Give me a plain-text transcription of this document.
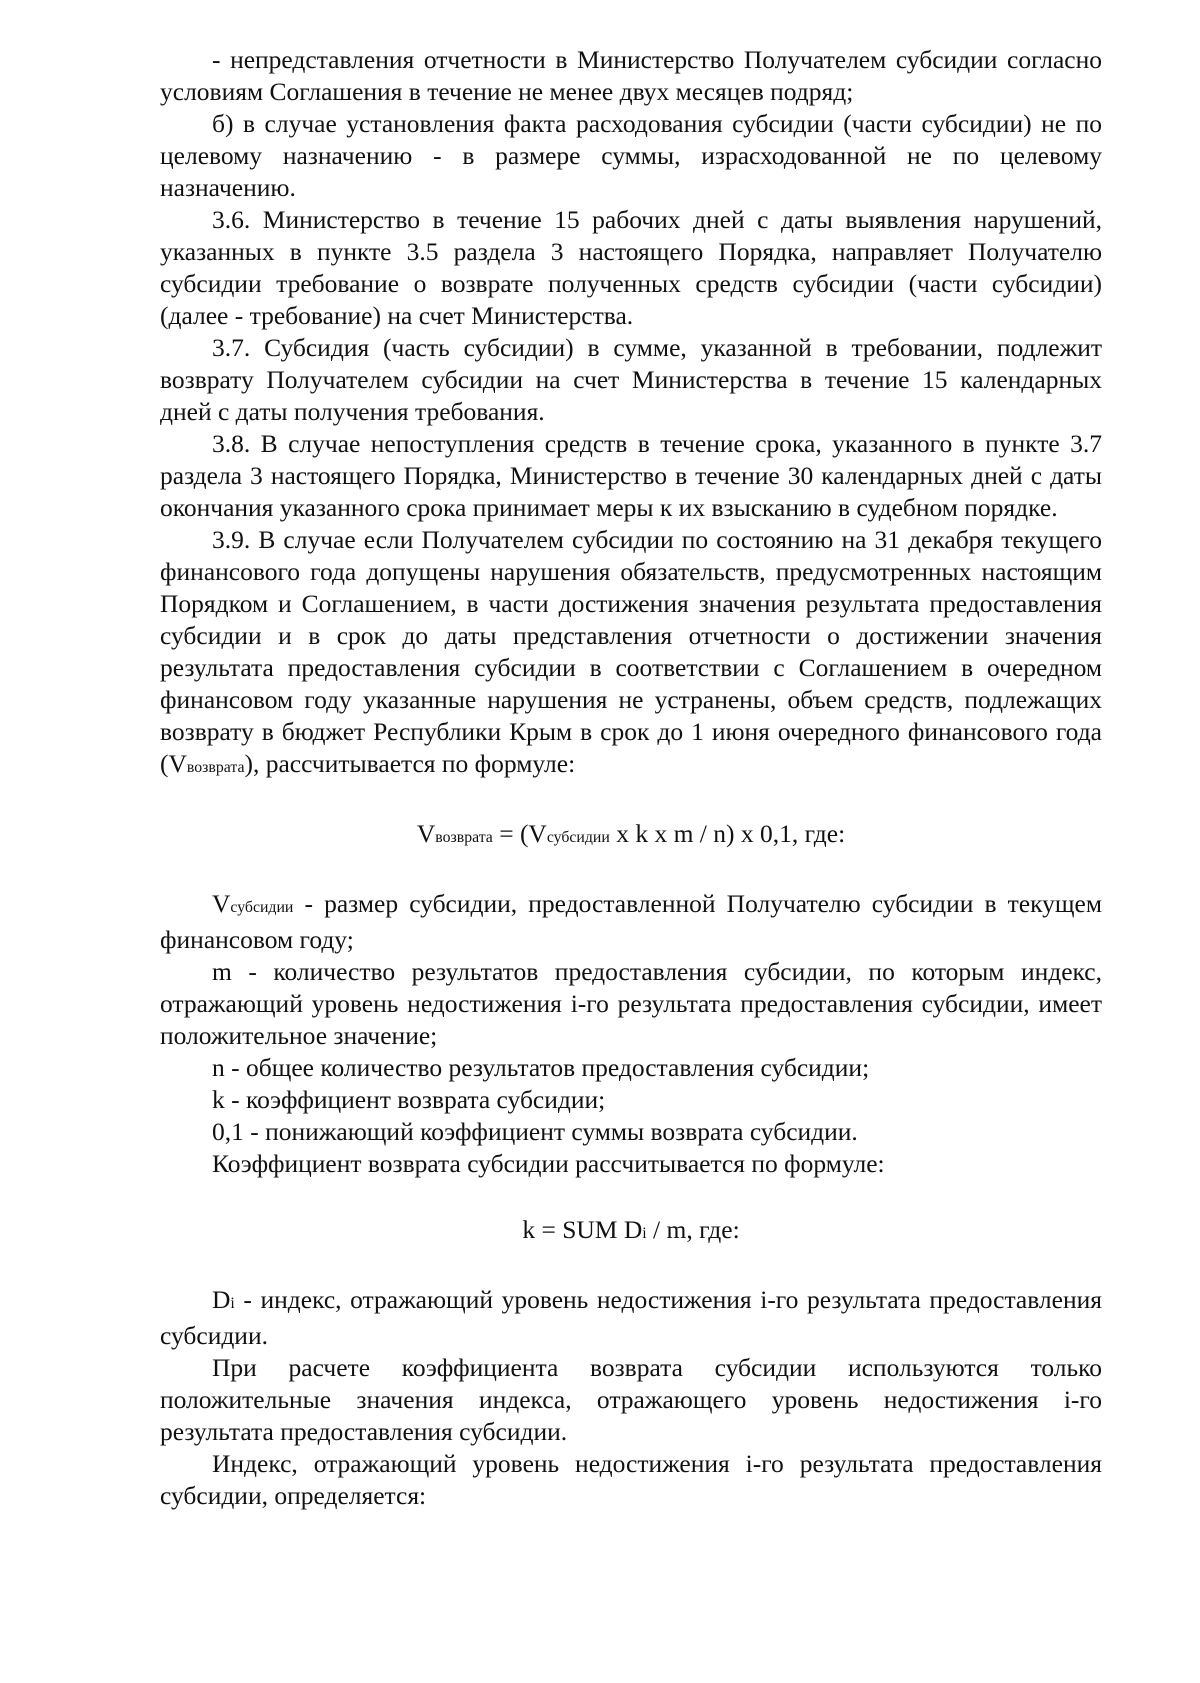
- непредставления отчетности в Министерство Получателем субсидии согласно условиям Соглашения в течение не менее двух месяцев подряд;

б) в случае установления факта расходования субсидии (части субсидии) не по целевому назначению - в размере суммы, израсходованной не по целевому назначению.

3.6. Министерство в течение 15 рабочих дней с даты выявления нарушений, указанных в пункте 3.5 раздела 3 настоящего Порядка, направляет Получателю субсидии требование о возврате полученных средств субсидии (части субсидии) (далее - требование) на счет Министерства.

3.7. Субсидия (часть субсидии) в сумме, указанной в требовании, подлежит возврату Получателем субсидии на счет Министерства в течение 15 календарных дней с даты получения требования.

3.8. В случае непоступления средств в течение срока, указанного в пункте 3.7 раздела 3 настоящего Порядка, Министерство в течение 30 календарных дней с даты окончания указанного срока принимает меры к их взысканию в судебном порядке.

3.9. В случае если Получателем субсидии по состоянию на 31 декабря текущего финансового года допущены нарушения обязательств, предусмотренных настоящим Порядком и Соглашением, в части достижения значения результата предоставления субсидии и в срок до даты представления отчетности о достижении значения результата предоставления субсидии в соответствии с Соглашением в очередном финансовом году указанные нарушения не устранены, объем средств, подлежащих возврату в бюджет Республики Крым в срок до 1 июня очередного финансового года $(V_{возврата})$, рассчитывается по формуле:

$V_{возврата} = (V_{субсидии}$ x k x m / n) x 0,1, где:

$V_{субсидии}$ - размер субсидии, предоставленной Получателю субсидии в текущем финансовом году;

m - количество результатов предоставления субсидии, по которым индекс, отражающий уровень недостижения i-го результата предоставления субсидии, имеет положительное значение;

n - общее количество результатов предоставления субсидии;

k - коэффициент возврата субсидии;

0,1 - понижающий коэффициент суммы возврата субсидии.

Коэффициент возврата субсидии рассчитывается по формуле:

k = SUM $D_i$ / m, где:

$D_i$ - индекс, отражающий уровень недостижения i-го результата предоставления субсидии.

При расчете коэффициента возврата субсидии используются только положительные значения индекса, отражающего уровень недостижения i-го результата предоставления субсидии.

Индекс, отражающий уровень недостижения i-го результата предоставления субсидии, определяется:
